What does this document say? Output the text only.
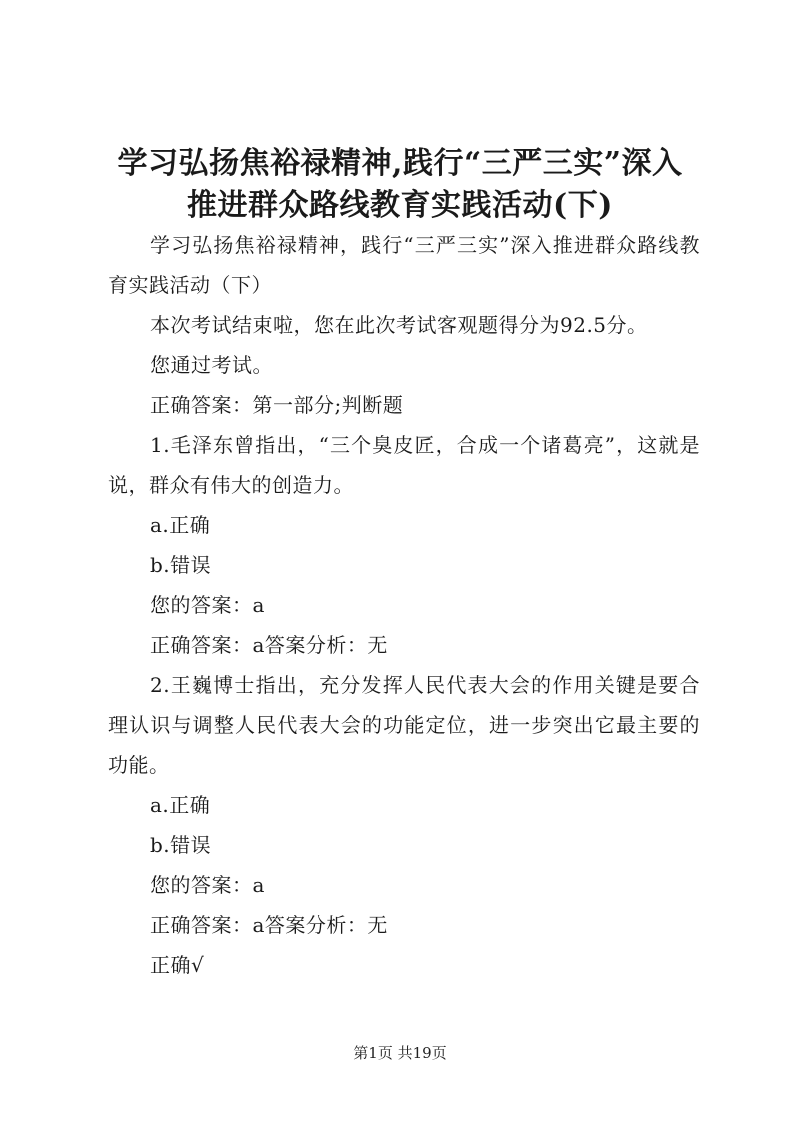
学习弘扬焦裕禄精神,践行“三严三实”深入
推进群众路线教育实践活动(下)

学习弘扬焦裕禄精神，践行“三严三实”深入推进群众路线教育实践活动（下）

本次考试结束啦，您在此次考试客观题得分为92.5分。

您通过考试。

正确答案：第一部分;判断题

1.毛泽东曾指出，“三个臭皮匠，合成一个诸葛亮”，这就是说，群众有伟大的创造力。

a.正确

b.错误

您的答案：a

正确答案：a答案分析：无

2.王巍博士指出，充分发挥人民代表大会的作用关键是要合理认识与调整人民代表大会的功能定位，进一步突出它最主要的功能。

a.正确

b.错误

您的答案：a

正确答案：a答案分析：无

正确√

第1页 共19页
